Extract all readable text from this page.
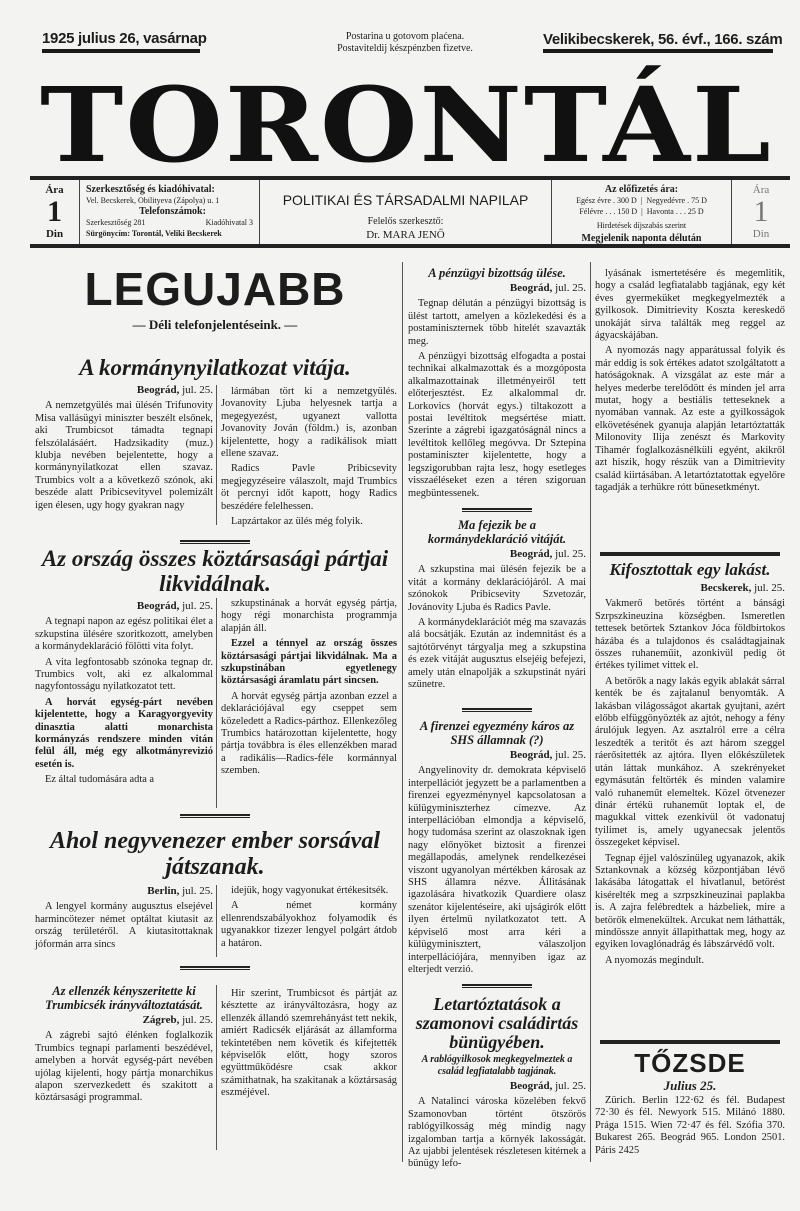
1925 julius 26, vasárnap	Postarina u gotovom plaćena.
Postaviteldij készpénzben fizetve.
Velikibecskerek, 56. évf., 166. szám
TORONTÁL
Ára
1
Din
Szerkesztőség és kiadóhivatal:
Vel. Becskerek, Obilityeva (Zápolya) u. 1
Telefonszámok:
Szerkesztőség 281	Kiadóhivatal 3
Sürgönycím: Torontál, Veliki Becskerek
POLITIKAI ÉS TÁRSADALMI NAPILAP
Felelős szerkesztő:
Dr. MARA JENŐ
Az előfizetés ára:
Egész évre . 300 D | Negyedévre . 75 D
Félévre . . . 150 D | Havonta . . . 25 D
Hirdetések díjszabás szerint
Megjelenik naponta délután
Ára
1
Din
LEGUJABB
— Déli telefonjelentéseink. —
A kormánynyilatkozat vitája.
Beográd, jul. 25.

A nemzetgyülés mai ülésén Trifunovity Misa vallásügyi miniszter beszélt elsőnek, aki Trumbicsot támadta tegnapi felszólalásáért. Hadzsikadity (muz.) klubja nevében bejelentette, hogy a kormánynyilatkozat ellen szavaz. Trumbics volt a a következő szónok, aki beszéde alatt Pribicsevityvel polemizált igen élesen, ugy hogy gyakran nagy

lármában tört ki a nemzetgyülés. Jovanovity Ljuba helyesnek tartja a megegyezést, ugyanezt vallotta Jovanovity Jován (földm.) is, azonban kijelentette, hogy a radikálisok miatt ellene szavaz.

Radics Pavle Pribicsevity megjegyzéseire válaszolt, majd Trumbics öt percnyi időt kapott, hogy Radics beszédére felelhessen.

Lapzártakor az ülés még folyik.

Az ország összes köztársasági pártjai likvidálnak.
Beográd, jul. 25.

A tegnapi napon az egész politikai élet a szkupstina ülésére szoritkozott, amelyben a kormánydeklaráció fölötti vita folyt.

A vita legfontosabb szónoka tegnap dr. Trumbics volt, aki ez alkalommal nagyfontosságu nyilatkozatot tett.

A horvát egység-párt nevében kijelentette, hogy a Karagyorgyevity dinasztia alatti monarchista kormányzás rendszere minden vitán felül áll, még egy alkotmányrevizió esetén is.

Ez által tudomására adta a

szkupstinának a horvát egység pártja, hogy régi monarchista programmja alapján áll.

Ezzel a ténnyel az ország összes köztársasági pártjai likvidálnak. Ma a szkupstinában egyetlenegy köztársasági áramlatu párt sincsen.

A horvát egység pártja azonban ezzel a deklarációjával egy cseppet sem közeledett a Radics-párthoz. Ellenkezőleg Trumbics határozottan kijelentette, hogy pártja továbbra is éles ellenzékben marad a radikális—Radics-féle kormánnyal szemben.

Ahol negyvenezer ember sorsával játszanak.
Berlin, jul. 25.

A lengyel kormány augusztus elsejével harmincötezer német optáltat kiutasit az ország területéről. A kiutasitottaknak jóformán arra sincs

idejük, hogy vagyonukat értékesitsék.

A német kormány ellenrendszabályokhoz folyamodik és ugyanakkor tizezer lengyel polgárt átdob a határon.

Az ellenzék kényszeritette ki Trumbicsék irányváltoztatását.
Zágreb, jul. 25.

A zágrebi sajtó élénken foglalkozik Trumbics tegnapi parlamenti beszédével, amelyben a horvát egység-párt nevében ujólag kijelenti, hogy pártja monarchikus alapon szervezkedett és szakitott a köztársasági programmal.

Hir szerint, Trumbicsot és pártját az késztette az irányváltozásra, hogy az ellenzék állandó szemrehányást tett nekik, amiért Radicsék eljárását az államforma tekintetében nem követik és kifejtették képviselők előtt, hogy szoros együttműködésre csak akkor számithatnak, ha szakitanak a köztársaság eszméjével.

A pénzügyi bizottság ülése.
Beográd, jul. 25.

Tegnap délután a pénzügyi bizottság is ülést tartott, amelyen a közlekedési és a postaminiszternek több hitelét szavazták meg.

A pénzügyi bizottság elfogadta a postai technikai alkalmazottak és a mozgóposta alkalmazottainak illetményeiről tett előterjesztést. Ez alkalommal dr. Lorkovics (horvát egys.) tiltakozott a postai levéltitok megsértése miatt. Szerinte a zágrebi igazgatóságnál nincs a levéltitok kellőleg megóvva. Dr Sztepina postaminiszter kijelentette, hogy a legszigorubban rajta lesz, hogy esetleges visszaéléseket ezen a téren szigoruan megbüntessenek.

Ma fejezik be a kormánydeklaráció vitáját.
Beográd, jul. 25.

A szkupstina mai ülésén fejezik be a vitát a kormány deklarációjáról. A mai szónokok Pribicsevity Szvetozár, Jovánovity Ljuba és Radics Pavle.

A kormánydeklarációt még ma szavazás alá bocsátják. Ezután az indemnitást és a sajtótörvényt tárgyalja meg a szkupstina és ezek vitáját augusztus elsejéig befejezi, amely után elnapolják a szkupstinát nyári szünetre.

A firenzei egyezmény káros az SHS államnak (?)
Beográd, jul. 25.

Angyelinovity dr. demokrata képviselő interpellációt jegyzett be a parlamentben a firenzei egyezménynyel kapcsolatosan a külügyminiszterhez címezve. Az interpellációban elmondja a képviselő, hogy tudomása szerint az olaszoknak igen nagy előnyöket biztosit a firenzei megállapodás, amelynek rendelkezései viszont ugyanolyan mértékben károsak az SHS államra nézve. Állitásának igazolására hivatkozik Quardiere olasz szenátor kijelentéseire, aki ujságirók előtt ilyen értelmü nyilatkozatot tett. A képviselő most arra kéri a külügyminisztert, válaszoljon interpellációjára, mennyiben igaz az elterjedt verzió.

Letartóztatások a szamonovi családirtás bünügyében.
A rablógyilkosok megkegyelmeztek a család legfiatalabb tagjának.
Beográd, jul. 25.

A Natalinci városka közelében fekvő Szamonovban történt ötszörös rablógyilkosság még mindig nagy izgalomban tartja a környék lakosságát. Az ujabbi jelentések részletesen kitérnek a bünügy lefo-

lyásának ismertetésére és megemlitik, hogy a család legfiatalabb tagjának, egy két éves gyermeküket megkegyelmezték a gyilkosok. Dimitrievity Koszta kereskedő unokáját sirva találták meg reggel az ágyacskájában.

A nyomozás nagy apparátussal folyik és már eddig is sok értékes adatot szolgáltatott a hatóságoknak. A vizsgálat az este már a helyes mederbe terelődött és minden jel arra mutat, hogy a bestiális tetteseknek a nyomában vannak. Az este a gyilkosságok elkövetésének gyanuja alapján letartóztatták Milonovity Ilija zenészt és Markovity Tihamér foglalkozásnélküli egyént, akikről azt hiszik, hogy részük van a Dimitrievity család kiirtásában. A letartóztatottak egyelőre tagadják a terhükre rótt bünesetkményt.

Kifosztottak egy lakást.
Becskerek, jul. 25.

Vakmerő betörés történt a bánsági Szrpszkineuzina községben. Ismeretlen tettesek betörtek Sztankov Jóca földbirtokos házába és a tulajdonos és családtagjainak összes ruhaneműit, azonkivül pedig öt értékes tyilimet vittek el.

A betörők a nagy lakás egyik ablakát sárral kenték be és zajtalanul benyomták. A lakásban világosságot akartak gyujtani, azért előbb elfüggönyözték az ajtót, nehogy a fény árulójuk legyen. Az asztalról erre a célra leszedték a teritőt és azt három szeggel ráerősitették az ajtóra. Ilyen előkészületek után láttak munkához. A szekrényeket egymásután feltörték és minden valamire való ruhaneműt elemeltek. Közel ötvenezer dinár értékü ruhaneműt loptak el, de magukkal vittek ezenkivül öt vadonatuj tyilimet is, amely ugyanecsak jelentős összegeket képvisel.

Tegnap éjjel valószinüleg ugyanazok, akik Sztankovnak a község központjában lévő lakásába látogattak el hivatlanul, betörést kisérelték meg a szrpszkineuzinai paplakba is. A zajra felébredtek a házbeliek, mire a betörők elmenekültek. Arcukat nem láthatták, mindössze annyit állapithattak meg, hogy az egyiken lovaglónadrág és lábszárvédő volt.

A nyomozás megindult.

TŐZSDE
Julius 25.

Zürich. Berlin 122·62 és fél. Budapest 72·30 és fél. Newyork 515. Milánó 1880. Prága 1515. Wien 72·47 és fél. Szófia 370. Bukarest 265. Beográd 965. London 2501. Páris 2425
